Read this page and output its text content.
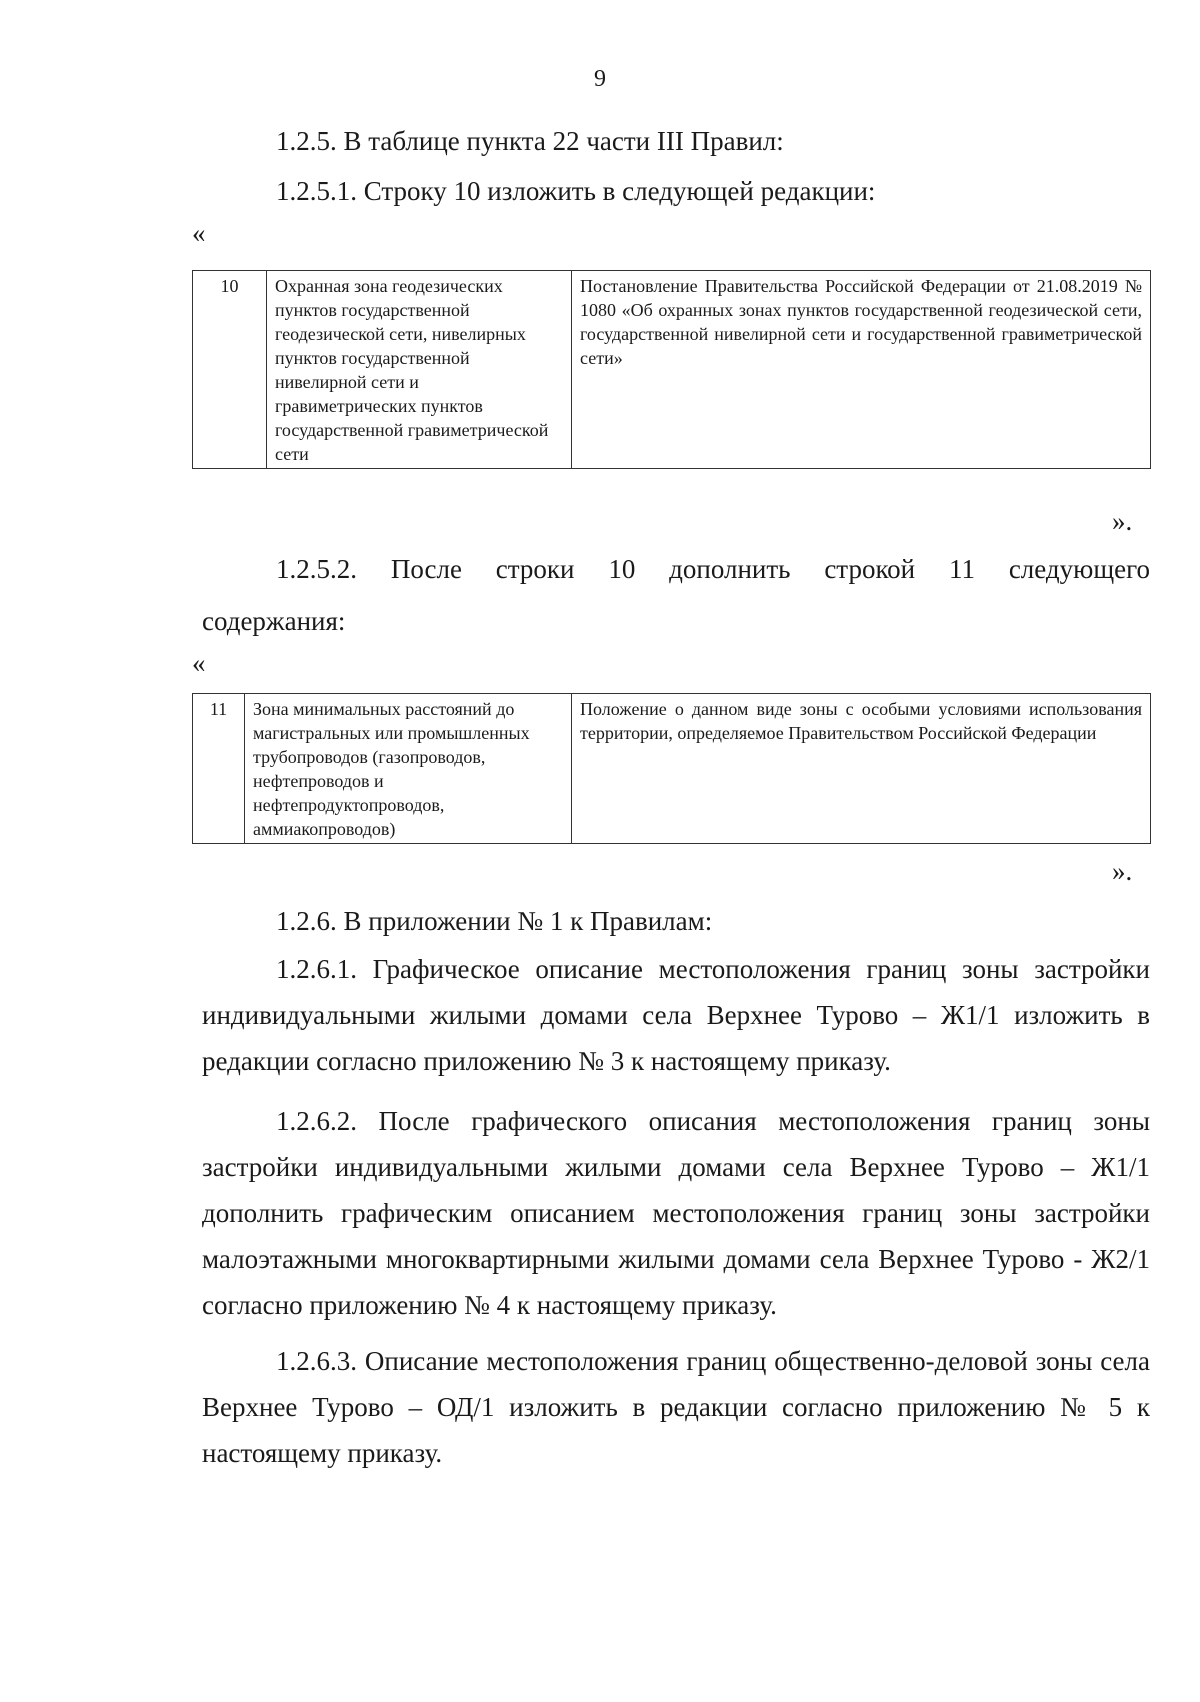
9

1.2.5. В таблице пункта 22 части III Правил:

1.2.5.1. Строку 10 изложить в следующей редакции:

«
10	Охранная зона геодезических пунктов государственной геодезической сети, нивелирных пунктов государственной нивелирной сети и гравиметрических пунктов государственной гравиметрической сети	Постановление Правительства Российской Федерации от 21.08.2019 № 1080 «Об охранных зонах пунктов государственной геодезической сети, государственной нивелирной сети и государственной гравиметрической сети»
».

1.2.5.2. После строки 10 дополнить строкой 11 следующего

содержания:

«
11	Зона минимальных расстояний до магистральных или промышленных трубопроводов (газопроводов, нефтепроводов и нефтепродуктопроводов, аммиакопроводов)	Положение о данном виде зоны с особыми условиями использования территории, определяемое Правительством Российской Федерации
».

1.2.6. В приложении № 1 к Правилам:

1.2.6.1. Графическое описание местоположения границ зоны застройки индивидуальными жилыми домами села Верхнее Турово – Ж1/1 изложить в редакции согласно приложению № 3 к настоящему приказу.

1.2.6.2. После графического описания местоположения границ зоны застройки индивидуальными жилыми домами села Верхнее Турово – Ж1/1 дополнить графическим описанием местоположения границ зоны застройки малоэтажными многоквартирными жилыми домами села Верхнее Турово - Ж2/1 согласно приложению № 4 к настоящему приказу.

1.2.6.3. Описание местоположения границ общественно-деловой зоны села Верхнее Турово – ОД/1 изложить в редакции согласно приложению № 5 к настоящему приказу.
